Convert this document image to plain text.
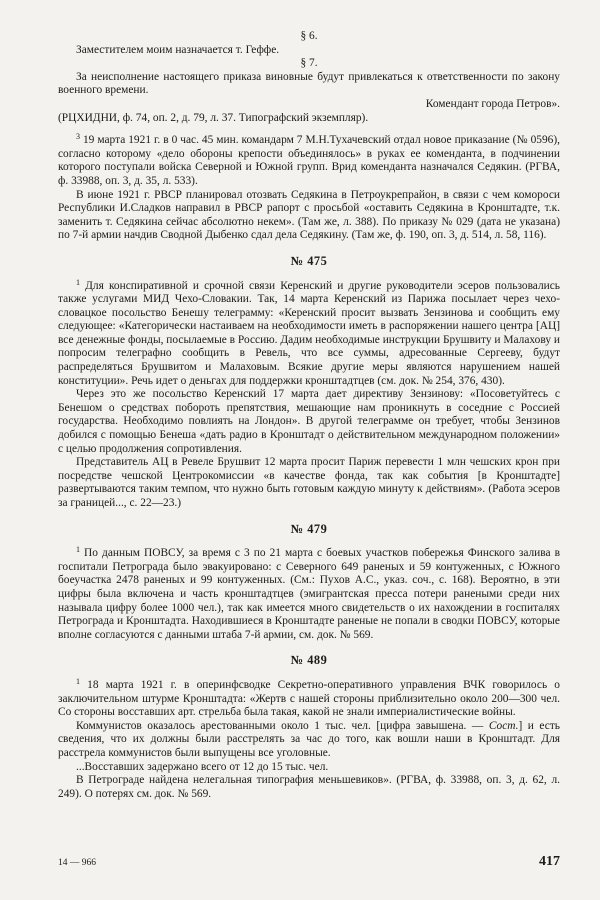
§ 6.

Заместителем моим назначается т. Геффе.

§ 7.

За неисполнение настоящего приказа виновные будут привлекаться к ответственности по закону военного времени.

Комендант города Петров».

(РЦХИДНИ, ф. 74, оп. 2, д. 79, л. 37. Типографский экземпляр).

$^3$ 19 марта 1921 г. в 0 час. 45 мин. командарм 7 М.Н.Тухачевский отдал новое приказание (№ 0596), согласно которому «дело обороны крепости объединялось» в руках ее коменданта, в подчинении которого поступали войска Северной и Южной групп. Врид коменданта назначался Седякин. (РГВА, ф. 33988, оп. 3, д. 35, л. 533).

В июне 1921 г. РВСР планировал отозвать Седякина в Петроукрепрайон, в связи с чем комороси Республики И.Сладков направил в РВСР рапорт с просьбой «оставить Седякина в Кронштадте, т.к. заменить т. Седякина сейчас абсолютно некем». (Там же, л. 388). По приказу № 029 (дата не указана) по 7-й армии начдив Сводной Дыбенко сдал дела Седякину. (Там же, ф. 190, оп. 3, д. 514, л. 58, 116).

№ 475

$^1$ Для конспиративной и срочной связи Керенский и другие руководители эсеров пользовались также услугами МИД Чехо-Словакии. Так, 14 марта Керенский из Парижа посылает через чехо-словацкое посольство Бенешу телеграмму: «Керенский просит вызвать Зензинова и сообщить ему следующее: «Категорически настаиваем на необходимости иметь в распоряжении нашего центра [АЦ] все денежные фонды, посылаемые в Россию. Дадим необходимые инструкции Брушвиту и Малахову и попросим телеграфно сообщить в Ревель, что все суммы, адресованные Сергееву, будут распределяться Брушвитом и Малаховым. Всякие другие меры являются нарушением нашей конституции». Речь идет о деньгах для поддержки кронштадтцев (см. док. № 254, 376, 430).

Через это же посольство Керенский 17 марта дает директиву Зензинову: «Посоветуйтесь с Бенешом о средствах побороть препятствия, мешающие нам проникнуть в соседние с Россией государства. Необходимо повлиять на Лондон». В другой телеграмме он требует, чтобы Зензинов добился с помощью Бенеша «дать радио в Кронштадт о действительном международном положении» с целью продолжения сопротивления.

Представитель АЦ в Ревеле Брушвит 12 марта просит Париж перевести 1 млн чешских крон при посредстве чешской Центрокомиссии «в качестве фонда, так как события [в Кронштадте] развертываются таким темпом, что нужно быть готовым каждую минуту к действиям». (Работа эсеров за границей..., с. 22—23.)

№ 479

$^1$ По данным ПОВСУ, за время с 3 по 21 марта с боевых участков побережья Финского залива в госпитали Петрограда было эвакуировано: с Северного 649 раненых и 59 контуженных, с Южного боеучастка 2478 раненых и 99 контуженных. (См.: Пухов А.С., указ. соч., с. 168). Вероятно, в эти цифры была включена и часть кронштадтцев (эмигрантская пресса потери ранеными среди них называла цифру более 1000 чел.), так как имеется много свидетельств о их нахождении в госпиталях Петрограда и Кронштадта. Находившиеся в Кронштадте раненые не попали в сводки ПОВСУ, которые вполне согласуются с данными штаба 7-й армии, см. док. № 569.

№ 489

$^1$ 18 марта 1921 г. в оперинфсводке Секретно-оперативного управления ВЧК говорилось о заключительном штурме Кронштадта: «Жертв с нашей стороны приблизительно около 200—300 чел. Со стороны восставших арт. стрельба была такая, какой не знали империалистические войны.

Коммунистов оказалось арестованными около 1 тыс. чел. [цифра завышена. — Сост.] и есть сведения, что их должны были расстрелять за час до того, как вошли наши в Кронштадт. Для расстрела коммунистов были выпущены все уголовные.

...Восставших задержано всего от 12 до 15 тыс. чел.

В Петрограде найдена нелегальная типография меньшевиков». (РГВА, ф. 33988, оп. 3, д. 62, л. 249). О потерях см. док. № 569.

14 — 966	417
